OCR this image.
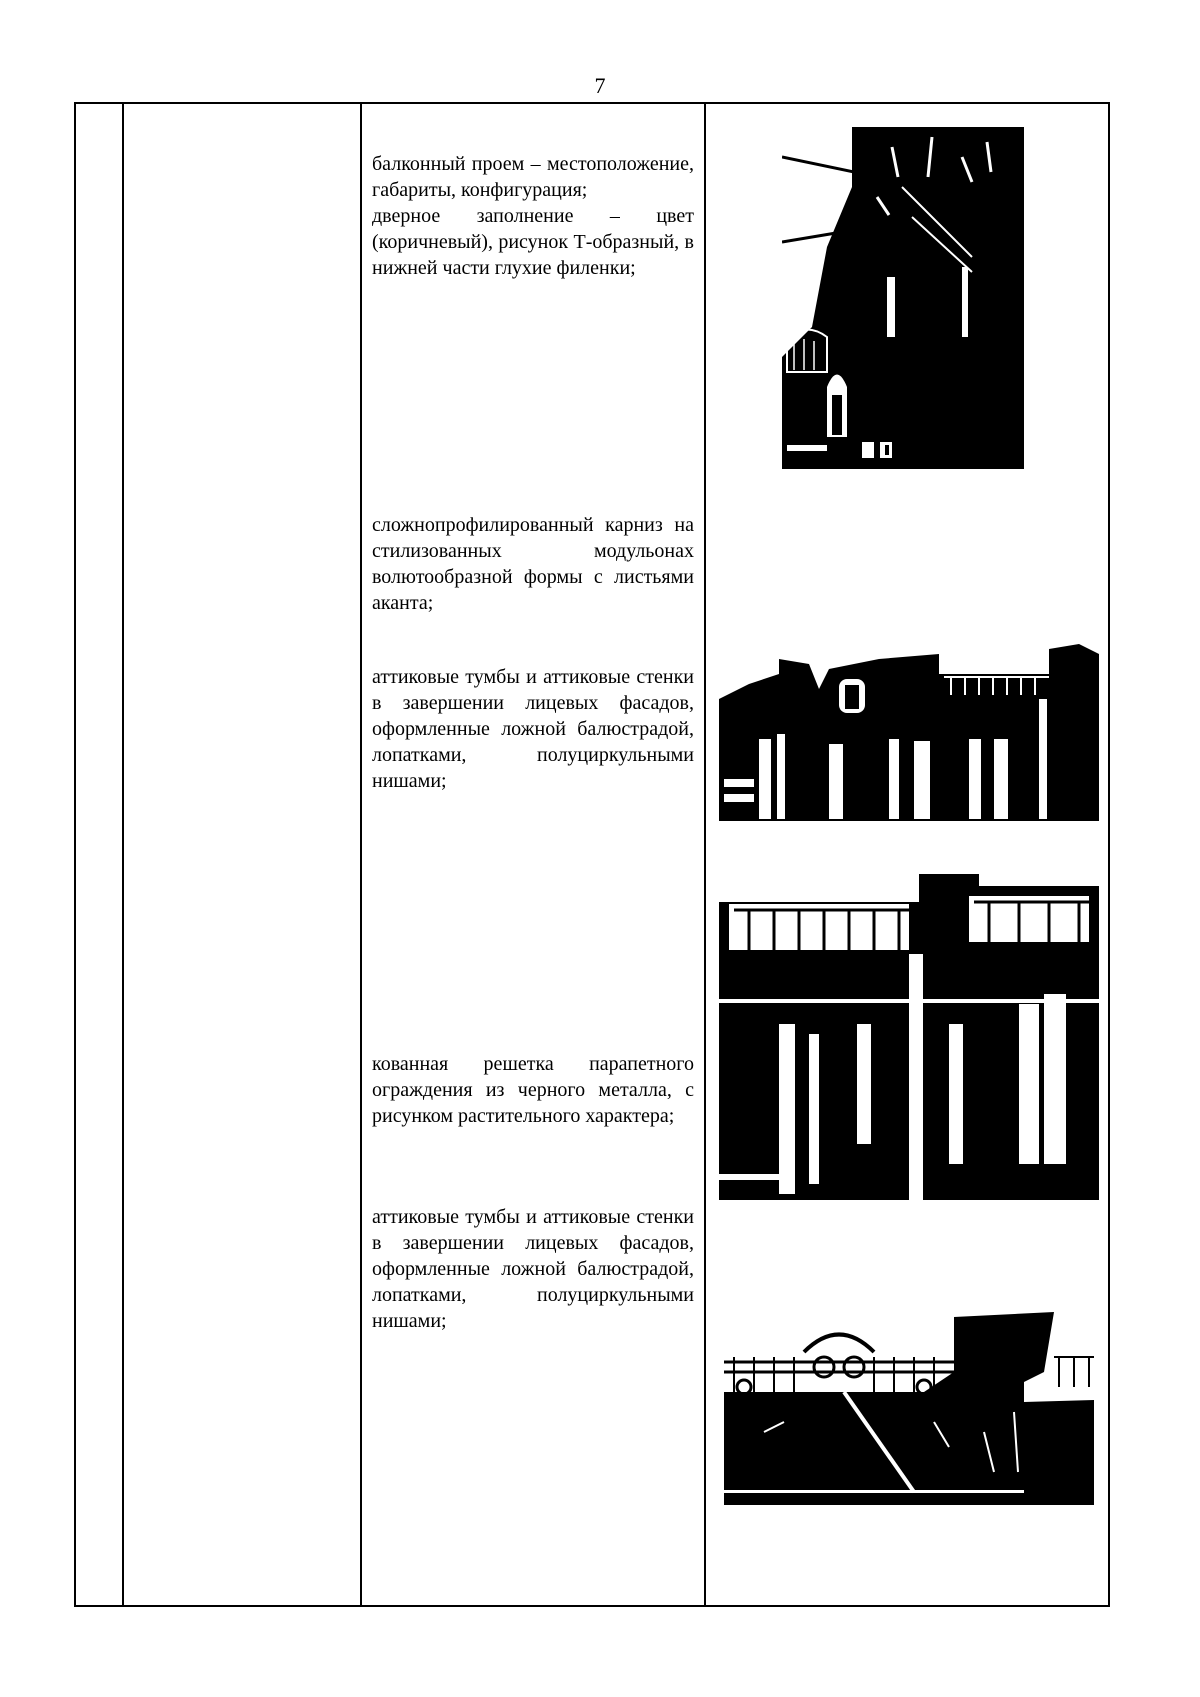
7

балконный проем – местоположение, габариты, конфигурация;
дверное заполнение – цвет (коричневый), рисунок Т-образный, в нижней части глухие филенки;

сложнопрофилированный карниз на стилизованных модульонах волютообразной формы с листьями аканта;

аттиковые тумбы и аттиковые стенки в завершении лицевых фасадов, оформленные ложной балюстрадой, лопатками, полуциркульными нишами;

кованная решетка парапетного ограждения из черного металла, с рисунком растительного характера;

аттиковые тумбы и аттиковые стенки в завершении лицевых фасадов, оформленные ложной балюстрадой, лопатками, полуциркульными нишами;
